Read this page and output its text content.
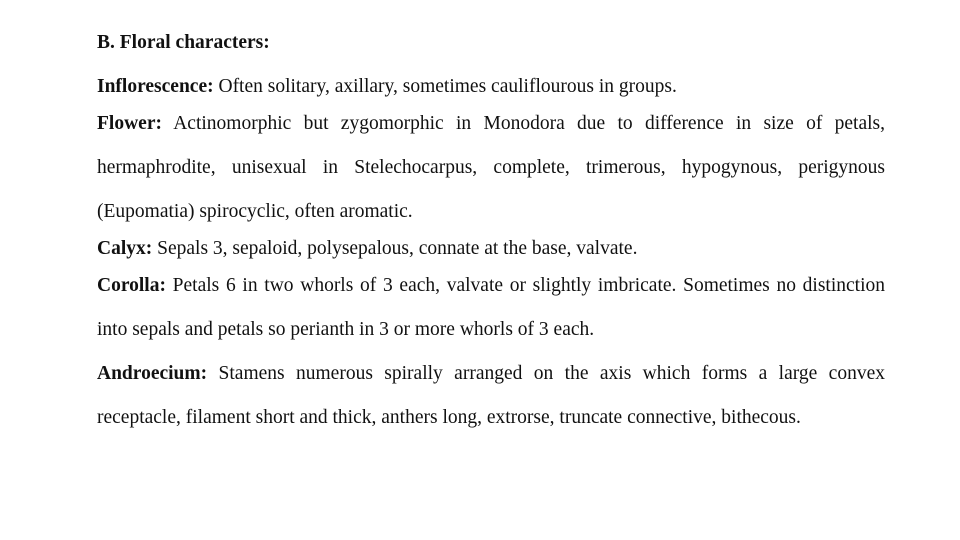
B. Floral characters:

Inflorescence: Often solitary, axillary, sometimes cauliflourous in groups.

Flower: Actinomorphic but zygomorphic in Monodora due to difference in size of petals, hermaphrodite, unisexual in Stelechocarpus, complete, trimerous, hypogynous, perigynous (Eupomatia) spirocyclic, often aromatic.

Calyx: Sepals 3, sepaloid, polysepalous, connate at the base, valvate.

Corolla: Petals 6 in two whorls of 3 each, valvate or slightly imbricate. Sometimes no distinction into sepals and petals so perianth in 3 or more whorls of 3 each.

Androecium: Stamens numerous spirally arranged on the axis which forms a large convex receptacle, filament short and thick, anthers long, extrorse, truncate connective, bithecous.
